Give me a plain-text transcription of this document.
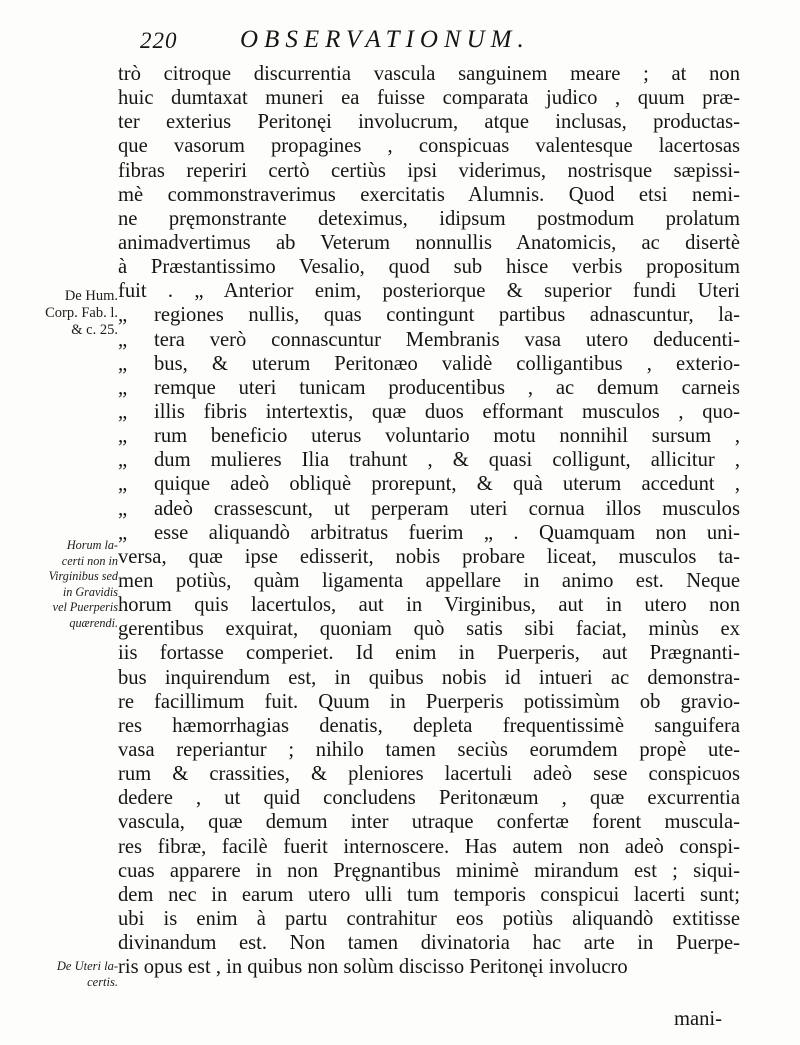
220	OBSERVATIONUM.
De Hum.
Corp. Fab. l.
& c. 25.
Horum la-
certi non in
Virginibus sed
in Gravidis
vel Puerperis
quærendi.
De Uteri la-
certis.
trò citroque discurrentia vascula sanguinem meare ; at non
huic dumtaxat muneri ea fuisse comparata judico , quum præ-
ter exterius Peritonęi involucrum, atque inclusas, productas-
que vasorum propagines , conspicuas valentesque lacertosas
fibras reperiri certò certiùs ipsi viderimus, nostrisque sæpissi-
mè commonstraverimus exercitatis Alumnis. Quod etsi nemi-
ne pręmonstrante deteximus, idipsum postmodum prolatum
animadvertimus ab Veterum nonnullis Anatomicis, ac disertè
à Præstantissimo Vesalio, quod sub hisce verbis propositum
fuit . „ Anterior enim, posteriorque & superior fundi Uteri
„ regiones nullis, quas contingunt partibus adnascuntur, la-
„ tera verò connascuntur Membranis vasa utero deducenti-
„ bus, & uterum Peritonæo validè colligantibus , exterio-
„ remque uteri tunicam producentibus , ac demum carneis
„ illis fibris intertextis, quæ duos efformant musculos , quo-
„ rum beneficio uterus voluntario motu nonnihil sursum ,
„ dum mulieres Ilia trahunt , & quasi colligunt, allicitur ,
„ quique adeò obliquè prorepunt, & quà uterum accedunt ,
„ adeò crassescunt, ut perperam uteri cornua illos musculos
„ esse aliquandò arbitratus fuerim „ . Quamquam non uni-
versa, quæ ipse edisserit, nobis probare liceat, musculos ta-
men potiùs, quàm ligamenta appellare in animo est. Neque
horum quis lacertulos, aut in Virginibus, aut in utero non
gerentibus exquirat, quoniam quò satis sibi faciat, minùs ex
iis fortasse comperiet. Id enim in Puerperis, aut Prægnanti-
bus inquirendum est, in quibus nobis id intueri ac demonstra-
re facillimum fuit. Quum in Puerperis potissimùm ob gravio-
res hæmorrhagias denatis, depleta frequentissimè sanguifera
vasa reperiantur ; nihilo tamen seciùs eorumdem propè ute-
rum & crassities, & pleniores lacertuli adeò sese conspicuos
dedere , ut quid concludens Peritonæum , quæ excurrentia
vascula, quæ demum inter utraque confertæ forent muscula-
res fibræ, facilè fuerit internoscere. Has autem non adeò conspi-
cuas apparere in non Pręgnantibus minimè mirandum est ; siqui-
dem nec in earum utero ulli tum temporis conspicui lacerti sunt;
ubi is enim à partu contrahitur eos potiùs aliquandò extitisse
divinandum est. Non tamen divinatoria hac arte in Puerpe-
ris opus est , in quibus non solùm discisso Peritonęi involucro
mani-
